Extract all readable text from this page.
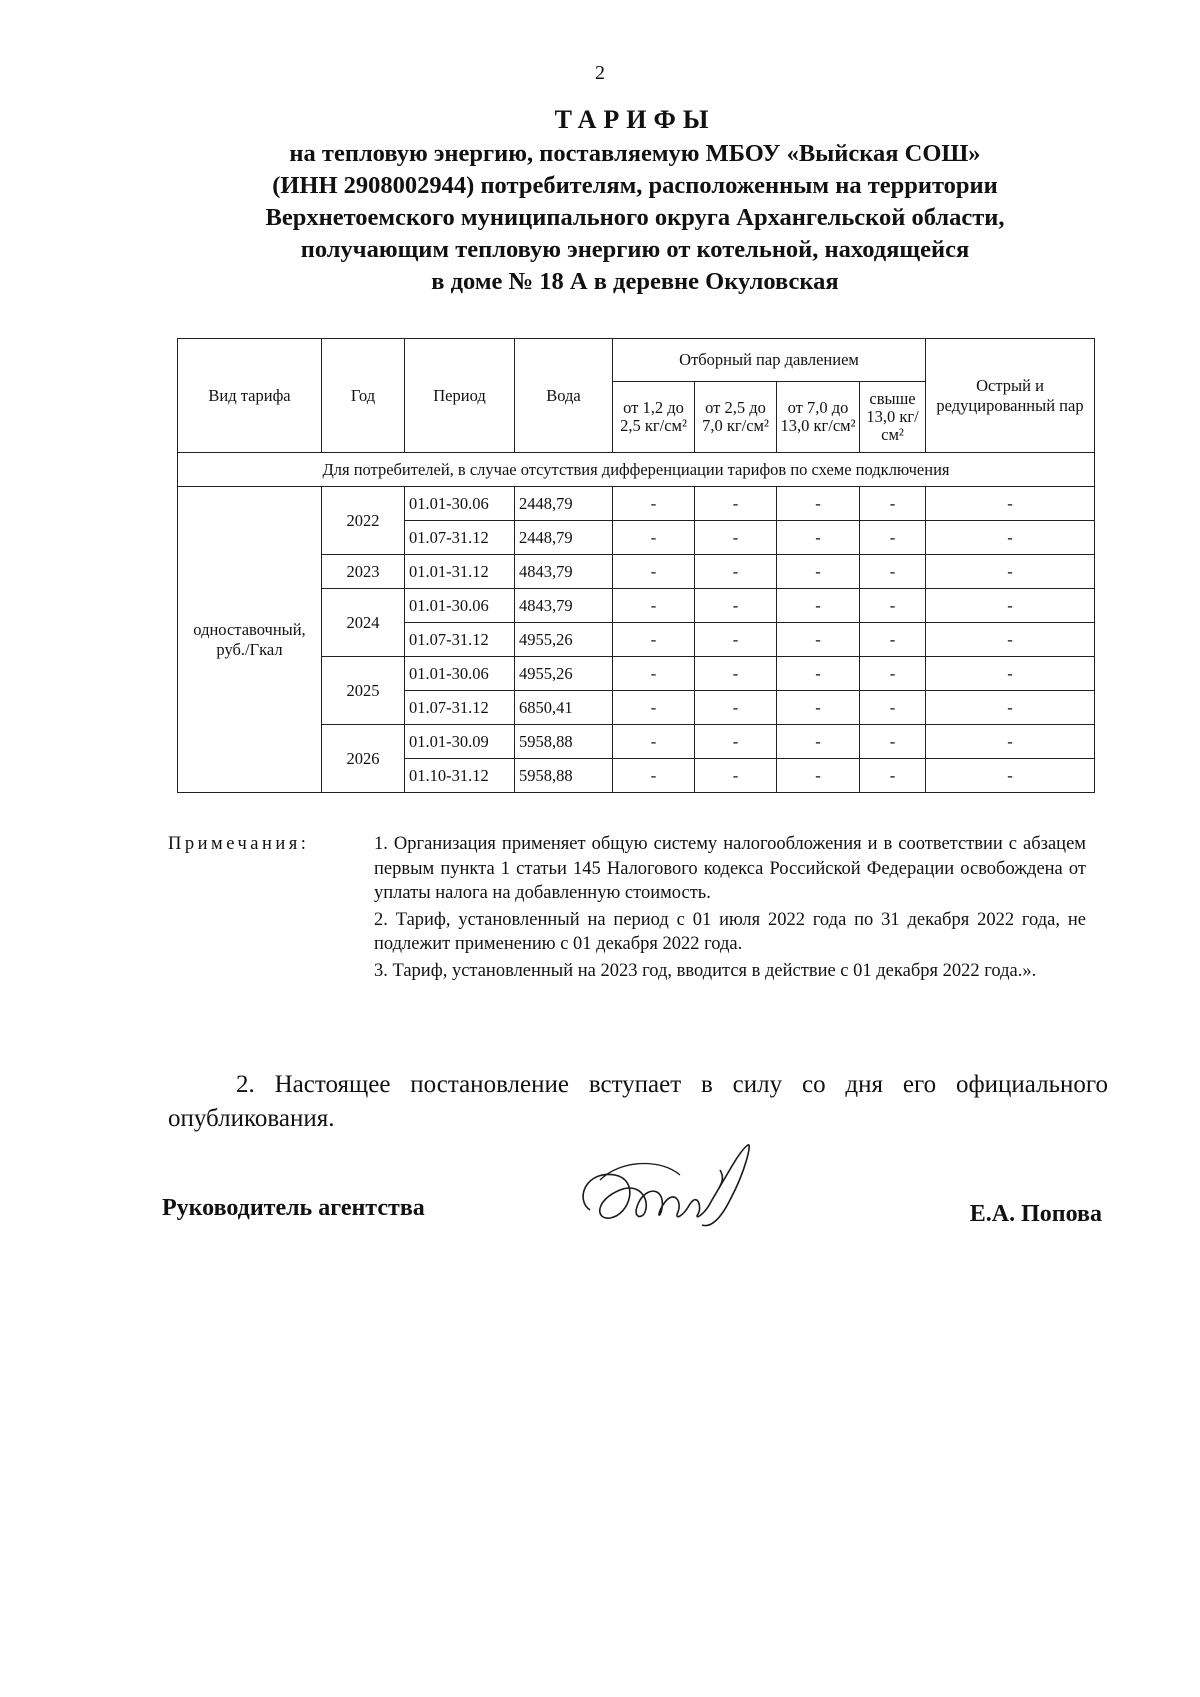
2
ТАРИФЫ
на тепловую энергию, поставляемую МБОУ «Выйская СОШ»
(ИНН 2908002944) потребителям, расположенным на территории
Верхнетоемского муниципального округа Архангельской области,
получающим тепловую энергию от котельной, находящейся
в доме № 18 А в деревне Окуловская
Вид тарифа	Год	Период	Вода	Отборный пар давлением				Острый и редуцированный пар
				от 1,2 до 2,5 кг/см²	от 2,5 до 7,0 кг/см²	от 7,0 до 13,0 кг/см²	свыше 13,0 кг/см²	
Для потребителей, в случае отсутствия дифференциации тарифов по схеме подключения								
одноставочный, руб./Гкал	2022	01.01-30.06	2448,79	-	-	-	-	-
		01.07-31.12	2448,79	-	-	-	-	-
	2023	01.01-31.12	4843,79	-	-	-	-	-
	2024	01.01-30.06	4843,79	-	-	-	-	-
		01.07-31.12	4955,26	-	-	-	-	-
	2025	01.01-30.06	4955,26	-	-	-	-	-
		01.07-31.12	6850,41	-	-	-	-	-
	2026	01.01-30.09	5958,88	-	-	-	-	-
		01.10-31.12	5958,88	-	-	-	-	-
Примечания:	1. Организация применяет общую систему налогообложения и в соответствии с абзацем первым пункта 1 статьи 145 Налогового кодекса Российской Федерации освобождена от уплаты налога на добавленную стоимость.

2. Тариф, установленный на период с 01 июля 2022 года по 31 декабря 2022 года, не подлежит применению с 01 декабря 2022 года.

3. Тариф, установленный на 2023 год, вводится в действие с 01 декабря 2022 года.».

2. Настоящее постановление вступает в силу со дня его официального опубликования.
Руководитель агентства	Е.А. Попова
